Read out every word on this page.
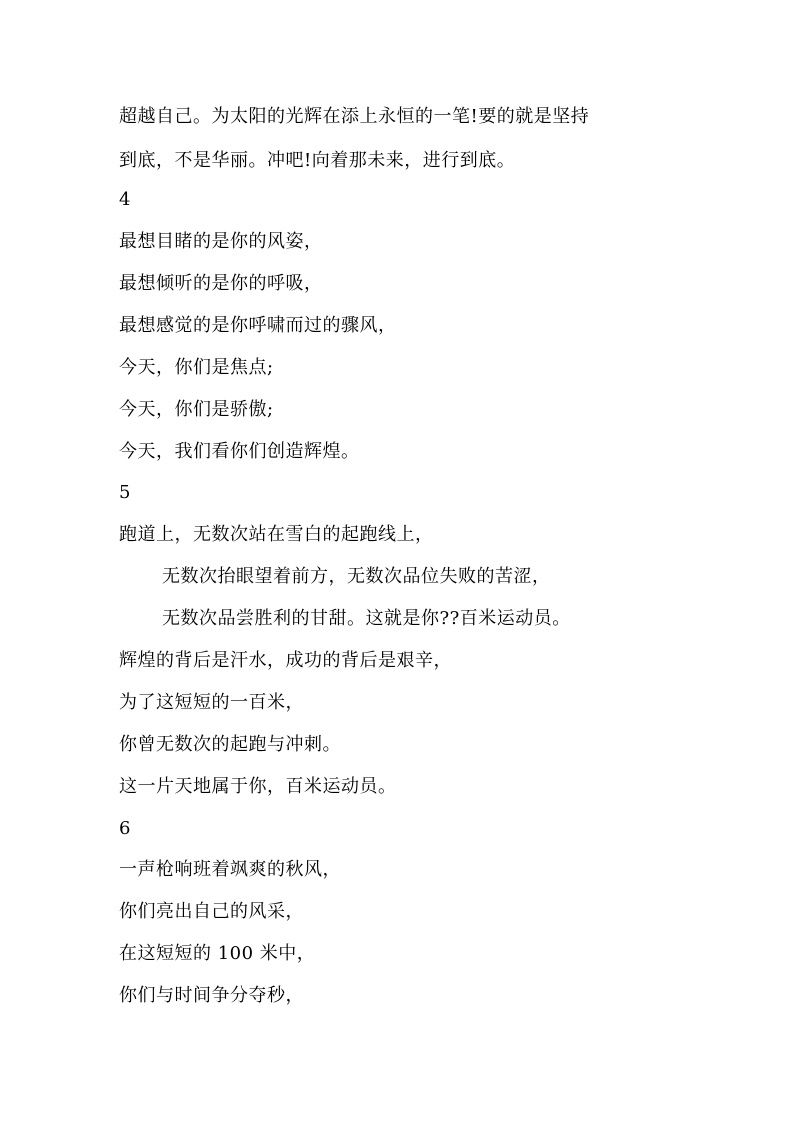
超越自己。为太阳的光辉在添上永恒的一笔!要的就是坚持
到底，不是华丽。冲吧!向着那未来，进行到底。
4
最想目睹的是你的风姿，
最想倾听的是你的呼吸，
最想感觉的是你呼啸而过的骤风，
今天，你们是焦点;
今天，你们是骄傲;
今天，我们看你们创造辉煌。
5
跑道上，无数次站在雪白的起跑线上，
无数次抬眼望着前方，无数次品位失败的苦涩，
无数次品尝胜利的甘甜。这就是你??百米运动员。
辉煌的背后是汗水，成功的背后是艰辛，
为了这短短的一百米，
你曾无数次的起跑与冲刺。
这一片天地属于你，百米运动员。
6
一声枪响班着飒爽的秋风，
你们亮出自己的风采，
在这短短的 100 米中，
你们与时间争分夺秒，
